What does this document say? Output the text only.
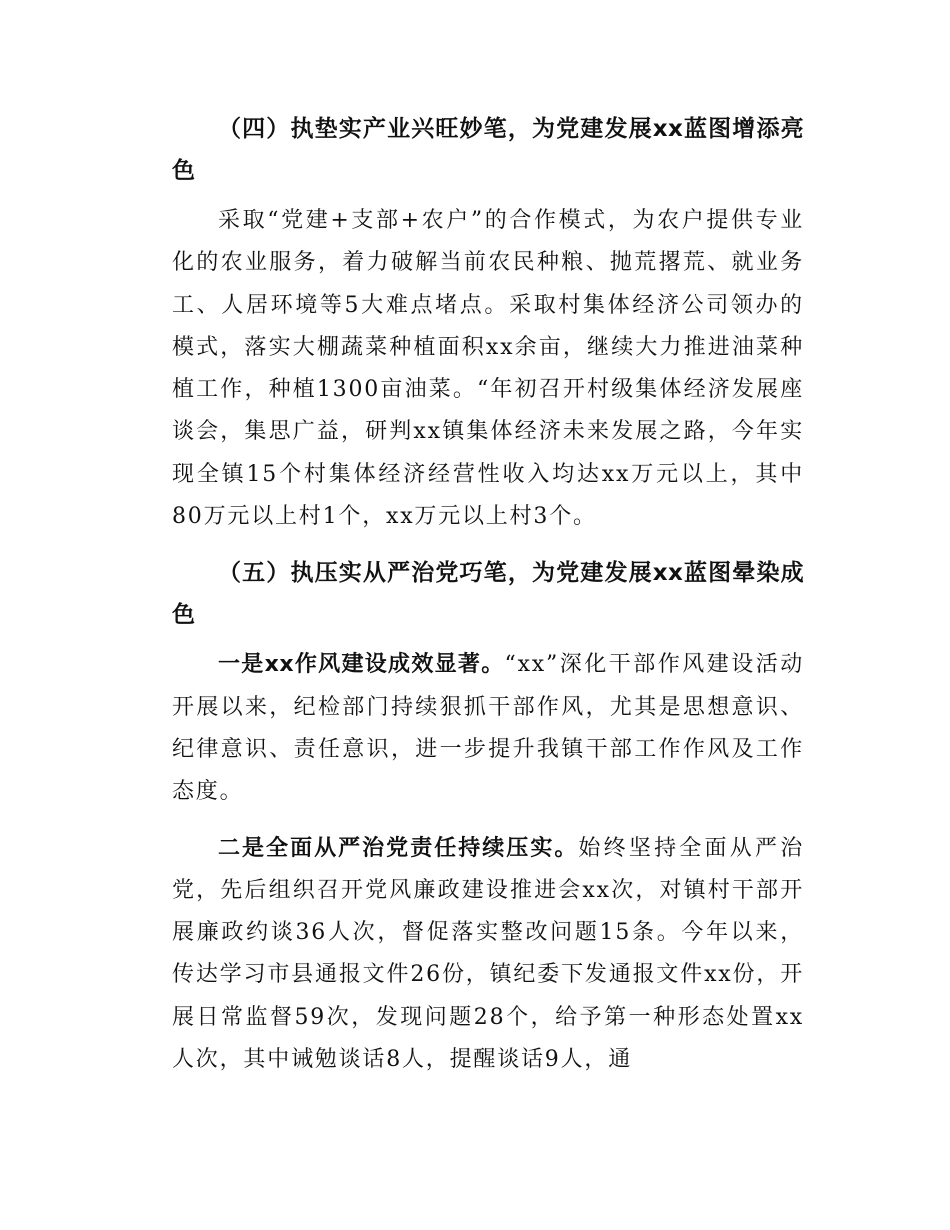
（四）执垫实产业兴旺妙笔，为党建发展xx蓝图增添亮色

采取“党建+支部+农户”的合作模式，为农户提供专业化的农业服务，着力破解当前农民种粮、抛荒撂荒、就业务工、人居环境等5大难点堵点。采取村集体经济公司领办的模式，落实大棚蔬菜种植面积xx余亩，继续大力推进油菜种植工作，种植1300亩油菜。“年初召开村级集体经济发展座谈会，集思广益，研判xx镇集体经济未来发展之路，今年实现全镇15个村集体经济经营性收入均达xx万元以上，其中80万元以上村1个，xx万元以上村3个。

（五）执压实从严治党巧笔，为党建发展xx蓝图晕染成色

一是xx作风建设成效显著。“xx”深化干部作风建设活动开展以来，纪检部门持续狠抓干部作风，尤其是思想意识、纪律意识、责任意识，进一步提升我镇干部工作作风及工作态度。

二是全面从严治党责任持续压实。始终坚持全面从严治党，先后组织召开党风廉政建设推进会xx次，对镇村干部开展廉政约谈36人次，督促落实整改问题15条。今年以来，传达学习市县通报文件26份，镇纪委下发通报文件xx份，开展日常监督59次，发现问题28个，给予第一种形态处置xx人次，其中诫勉谈话8人，提醒谈话9人，通
